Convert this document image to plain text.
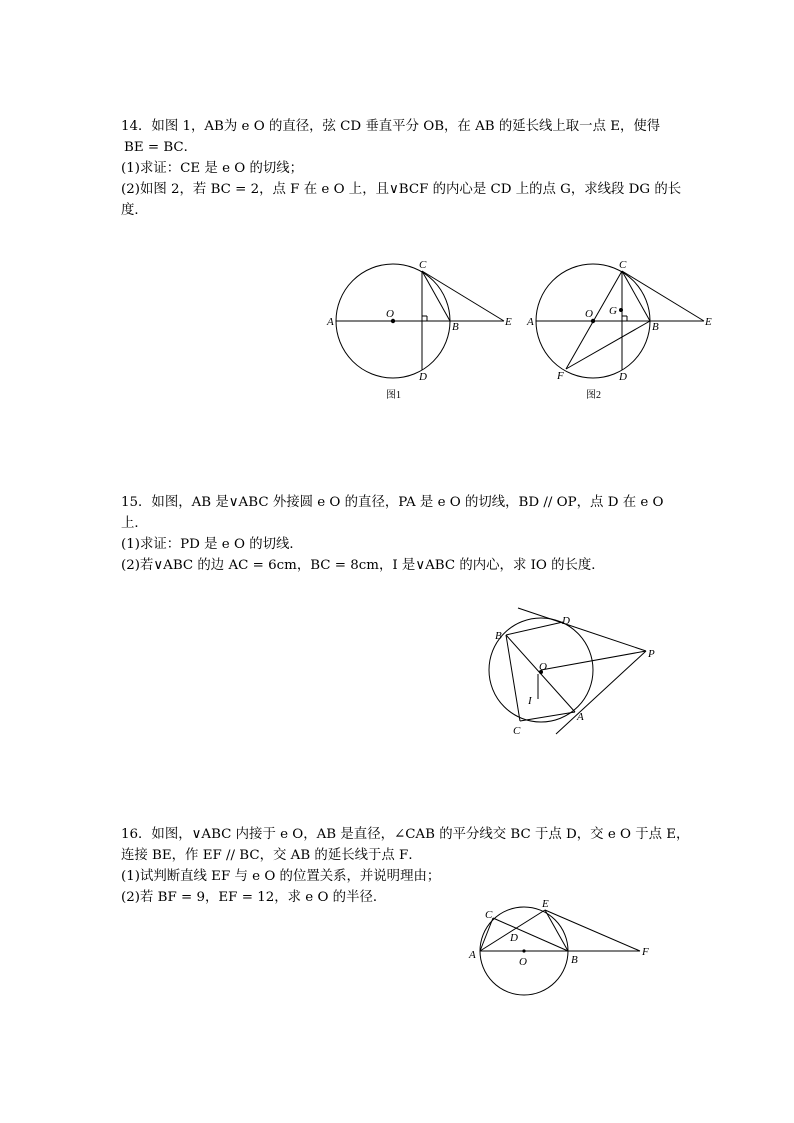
14．如图 1，AB为 e O 的直径，弦 CD 垂直平分 OB，在 AB 的延长线上取一点 E，使得
BE = BC．
(1)求证：CE 是 e O 的切线；
(2)如图 2，若 BC = 2，点 F 在 e O 上，且∨BCF 的内心是 CD 上的点 G，求线段 DG 的长
度．
A
O
B
C
D
E
图1
A
O G
B
C
D
E
F
图2
15．如图，AB 是∨ABC 外接圆 e O 的直径，PA 是 e O 的切线，BD // OP，点 D 在 e O
上．
(1)求证：PD 是 e O 的切线．
(2)若∨ABC 的边 AC = 6cm，BC = 8cm，I 是∨ABC 的内心，求 IO 的长度．
B
D
P
O
I
A
C
16．如图，∨ABC 内接于 e O，AB 是直径，∠CAB 的平分线交 BC 于点 D，交 e O 于点 E，
连接 BE，作 EF // BC，交 AB 的延长线于点 F．
(1)试判断直线 EF 与 e O 的位置关系，并说明理由；
(2)若 BF = 9，EF = 12，求 e O 的半径．
C
E
D
A
O	B
F
